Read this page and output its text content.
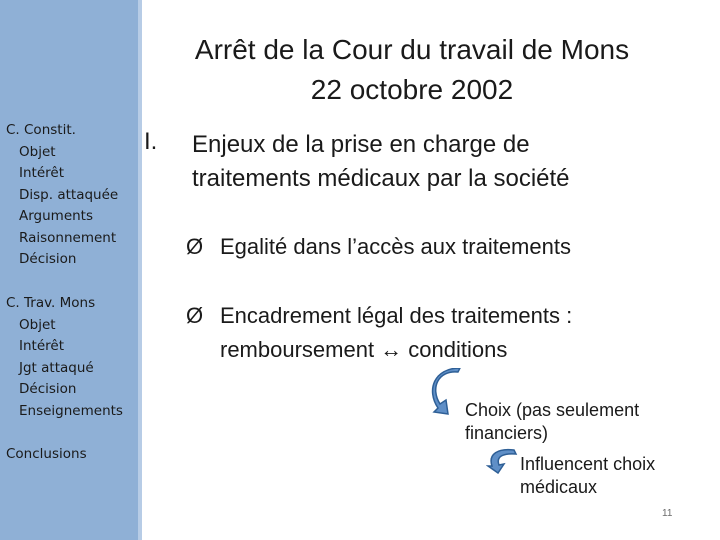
C. Constit.
Objet
Intérêt
Disp. attaquée
Arguments
Raisonnement
Décision
C. Trav. Mons
Objet
Intérêt
Jgt attaqué
Décision
Enseignements
Conclusions
Arrêt de la Cour du travail de Mons
22 octobre 2002
I. Enjeux de la prise en charge de traitements médicaux par la société
Ø Egalité dans l’accès aux traitements
Ø Encadrement légal des traitements :
remboursement ↔ conditions
Choix (pas seulement
financiers)
Influencent choix
médicaux
11
